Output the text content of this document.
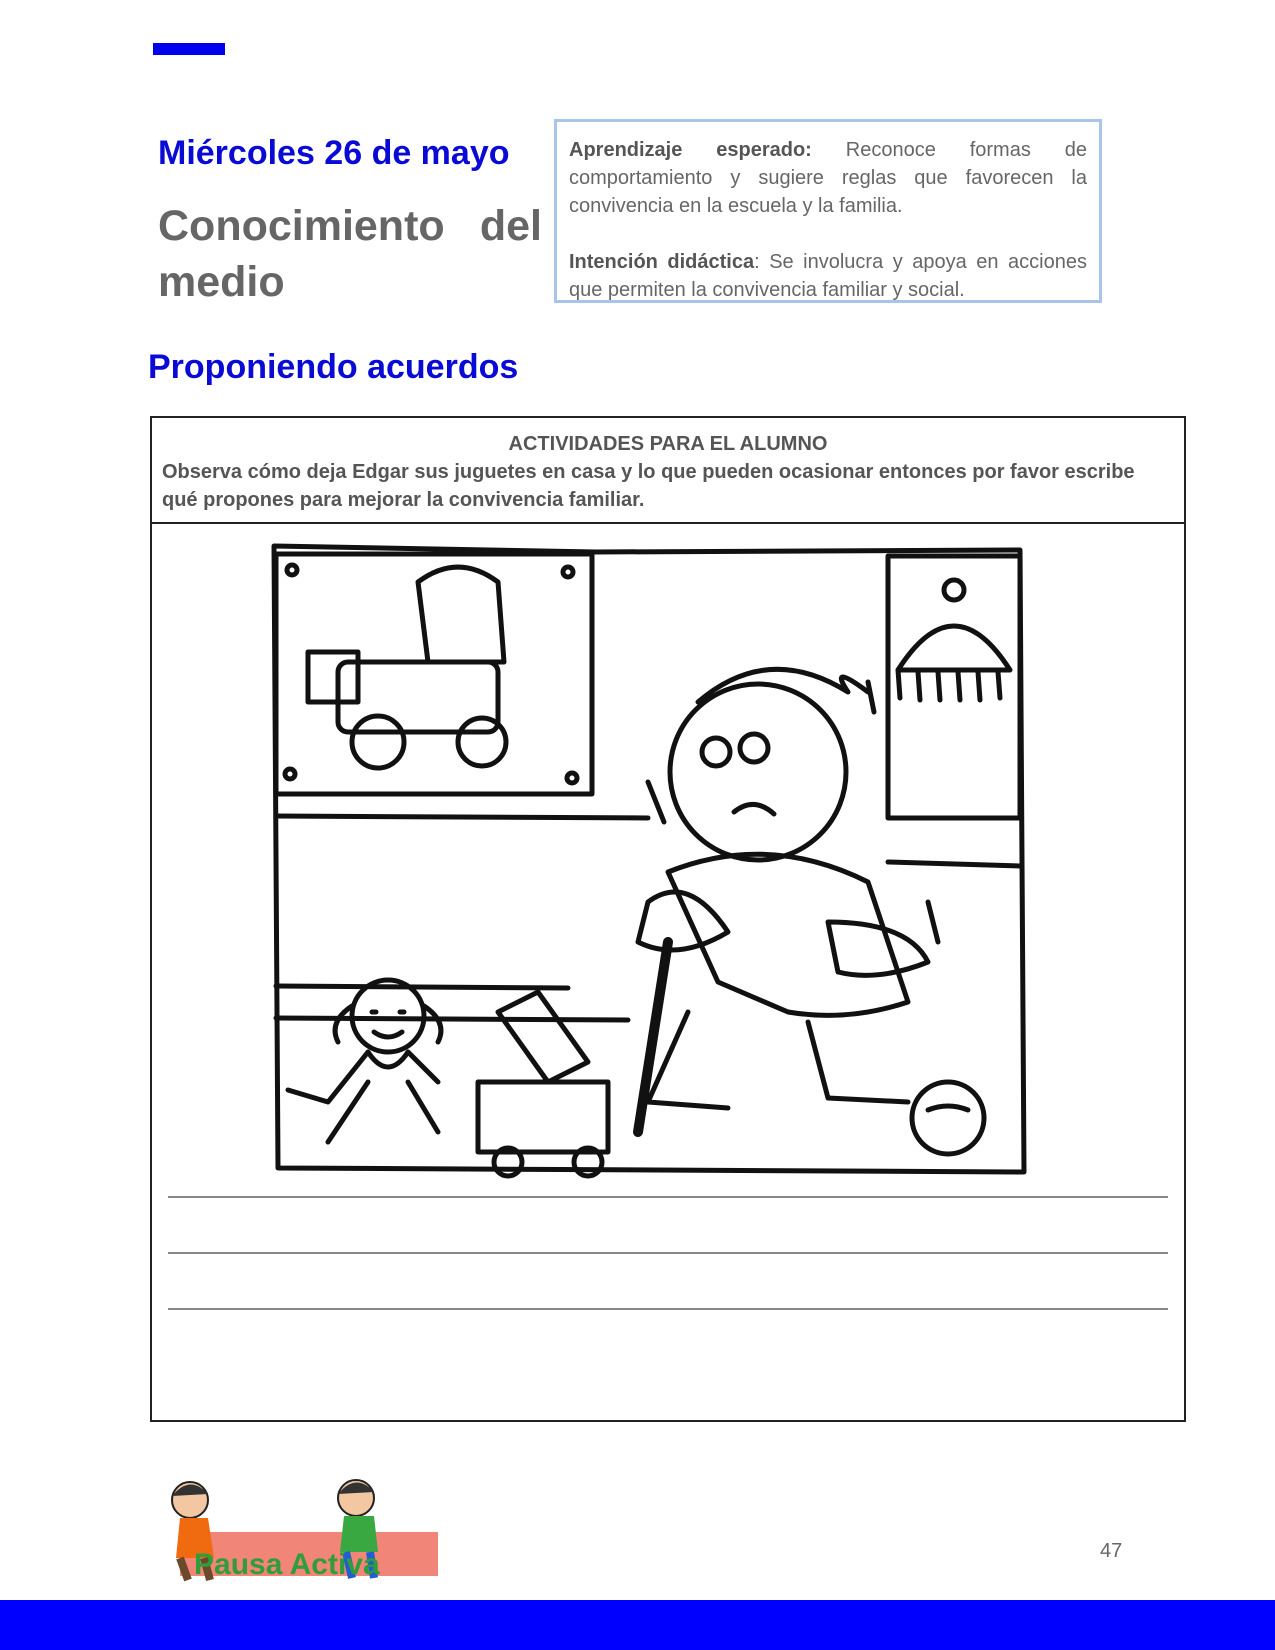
Miércoles 26 de mayo
Conocimiento del
medio

Aprendizaje esperado: Reconoce formas de comportamiento y sugiere reglas que favorecen la convivencia en la escuela y la familia.

Intención didáctica: Se involucra y apoya en acciones que permiten la convivencia familiar y social.

Proponiendo acuerdos
ACTIVIDADES PARA EL ALUMNO
Observa cómo deja Edgar sus juguetes en casa y lo que pueden ocasionar entonces por favor escribe qué propones para mejorar la convivencia familiar.
Pausa Activa	47
